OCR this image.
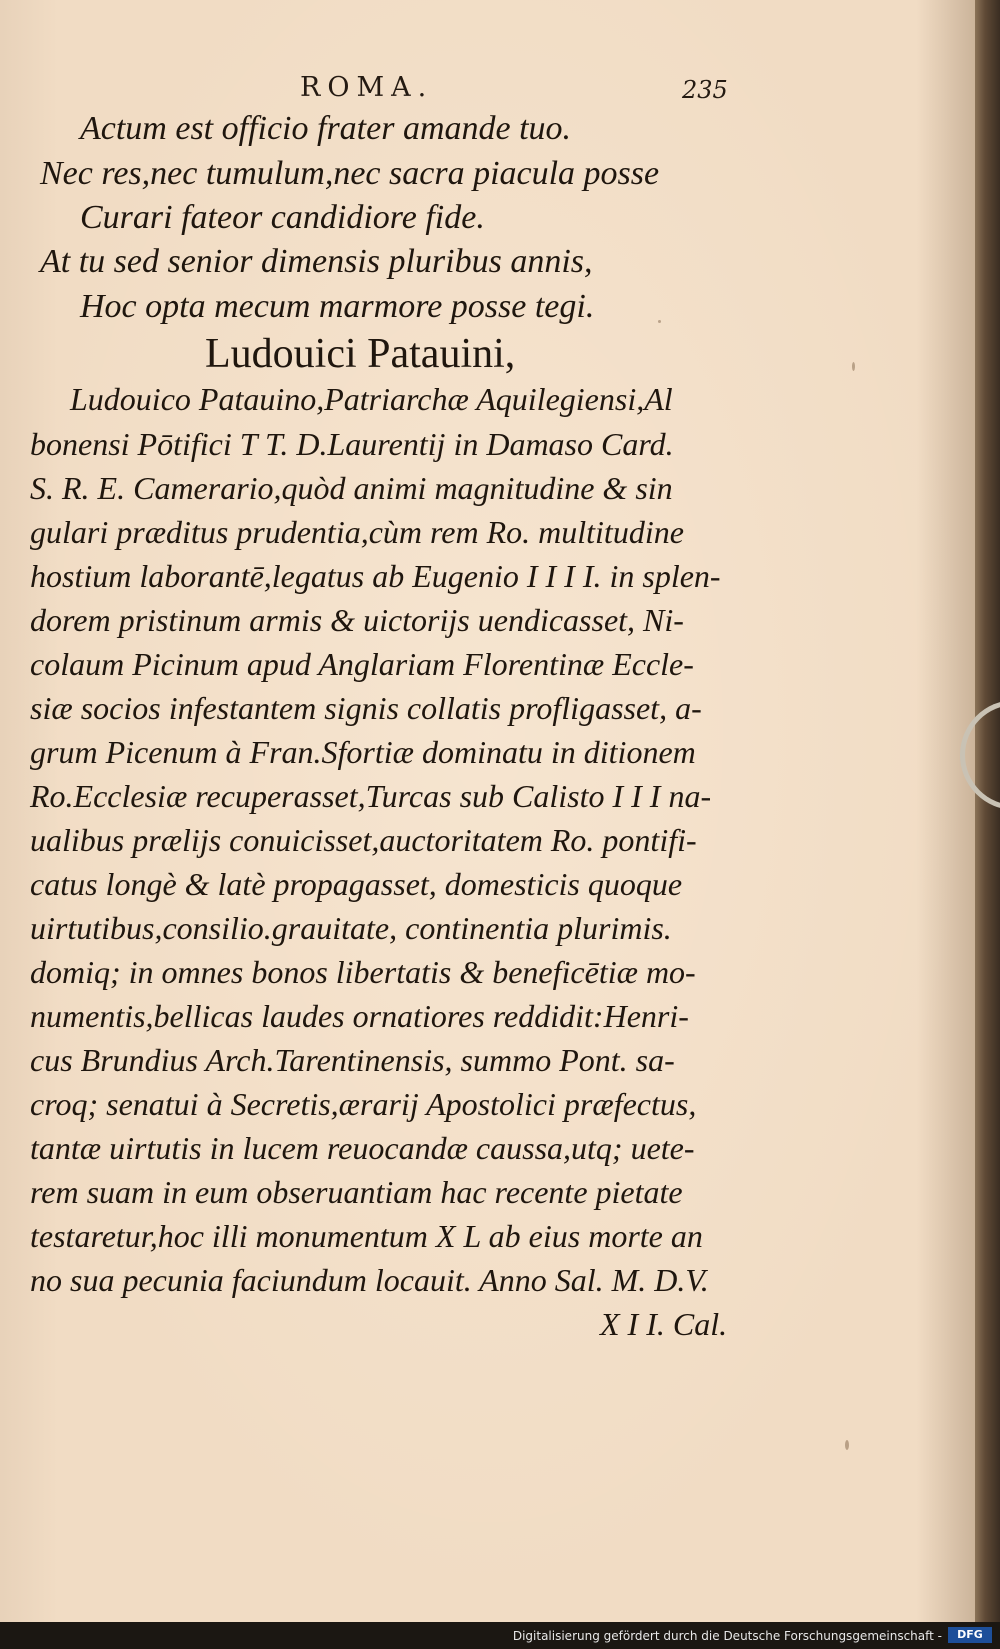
ROMA.	235
Actum est officio frater amande tuo.
Nec res,nec tumulum,nec sacra piacula posse
Curari fateor candidiore fide.
At tu sed senior dimensis pluribus annis,
Hoc opta mecum marmore posse tegi.
Ludouici Patauini,
Ludouico Patauino,Patriarchæ Aquilegiensi,Al
bonensi Pōtifici T T. D.Laurentij in Damaso Card.
S. R. E. Camerario,quòd animi magnitudine & sin
gulari præditus prudentia,cùm rem Ro. multitudine
hostium laborantē,legatus ab Eugenio I I I I. in splen-
dorem pristinum armis & uictorijs uendicasset, Ni-
colaum Picinum apud Anglariam Florentinæ Eccle-
siæ socios infestantem signis collatis profligasset, a-
grum Picenum à Fran.Sfortiæ dominatu in ditionem
Ro.Ecclesiæ recuperasset,Turcas sub Calisto I I I na-
ualibus prælijs conuicisset,auctoritatem Ro. pontifi-
catus longè & latè propagasset, domesticis quoque
uirtutibus,consilio.grauitate, continentia plurimis.
domiq; in omnes bonos libertatis & beneficētiæ mo-
numentis,bellicas laudes ornatiores reddidit:Henri-
cus Brundius Arch.Tarentinensis, summo Pont. sa-
croq; senatui à Secretis,ærarij Apostolici præfectus,
tantæ uirtutis in lucem reuocandæ caussa,utq; uete-
rem suam in eum obseruantiam hac recente pietate
testaretur,hoc illi monumentum X L ab eius morte an
no sua pecunia faciundum locauit. Anno Sal. M. D.V.
X I I. Cal.
Digitalisierung gefördert durch die Deutsche Forschungsgemeinschaft -	DFG
